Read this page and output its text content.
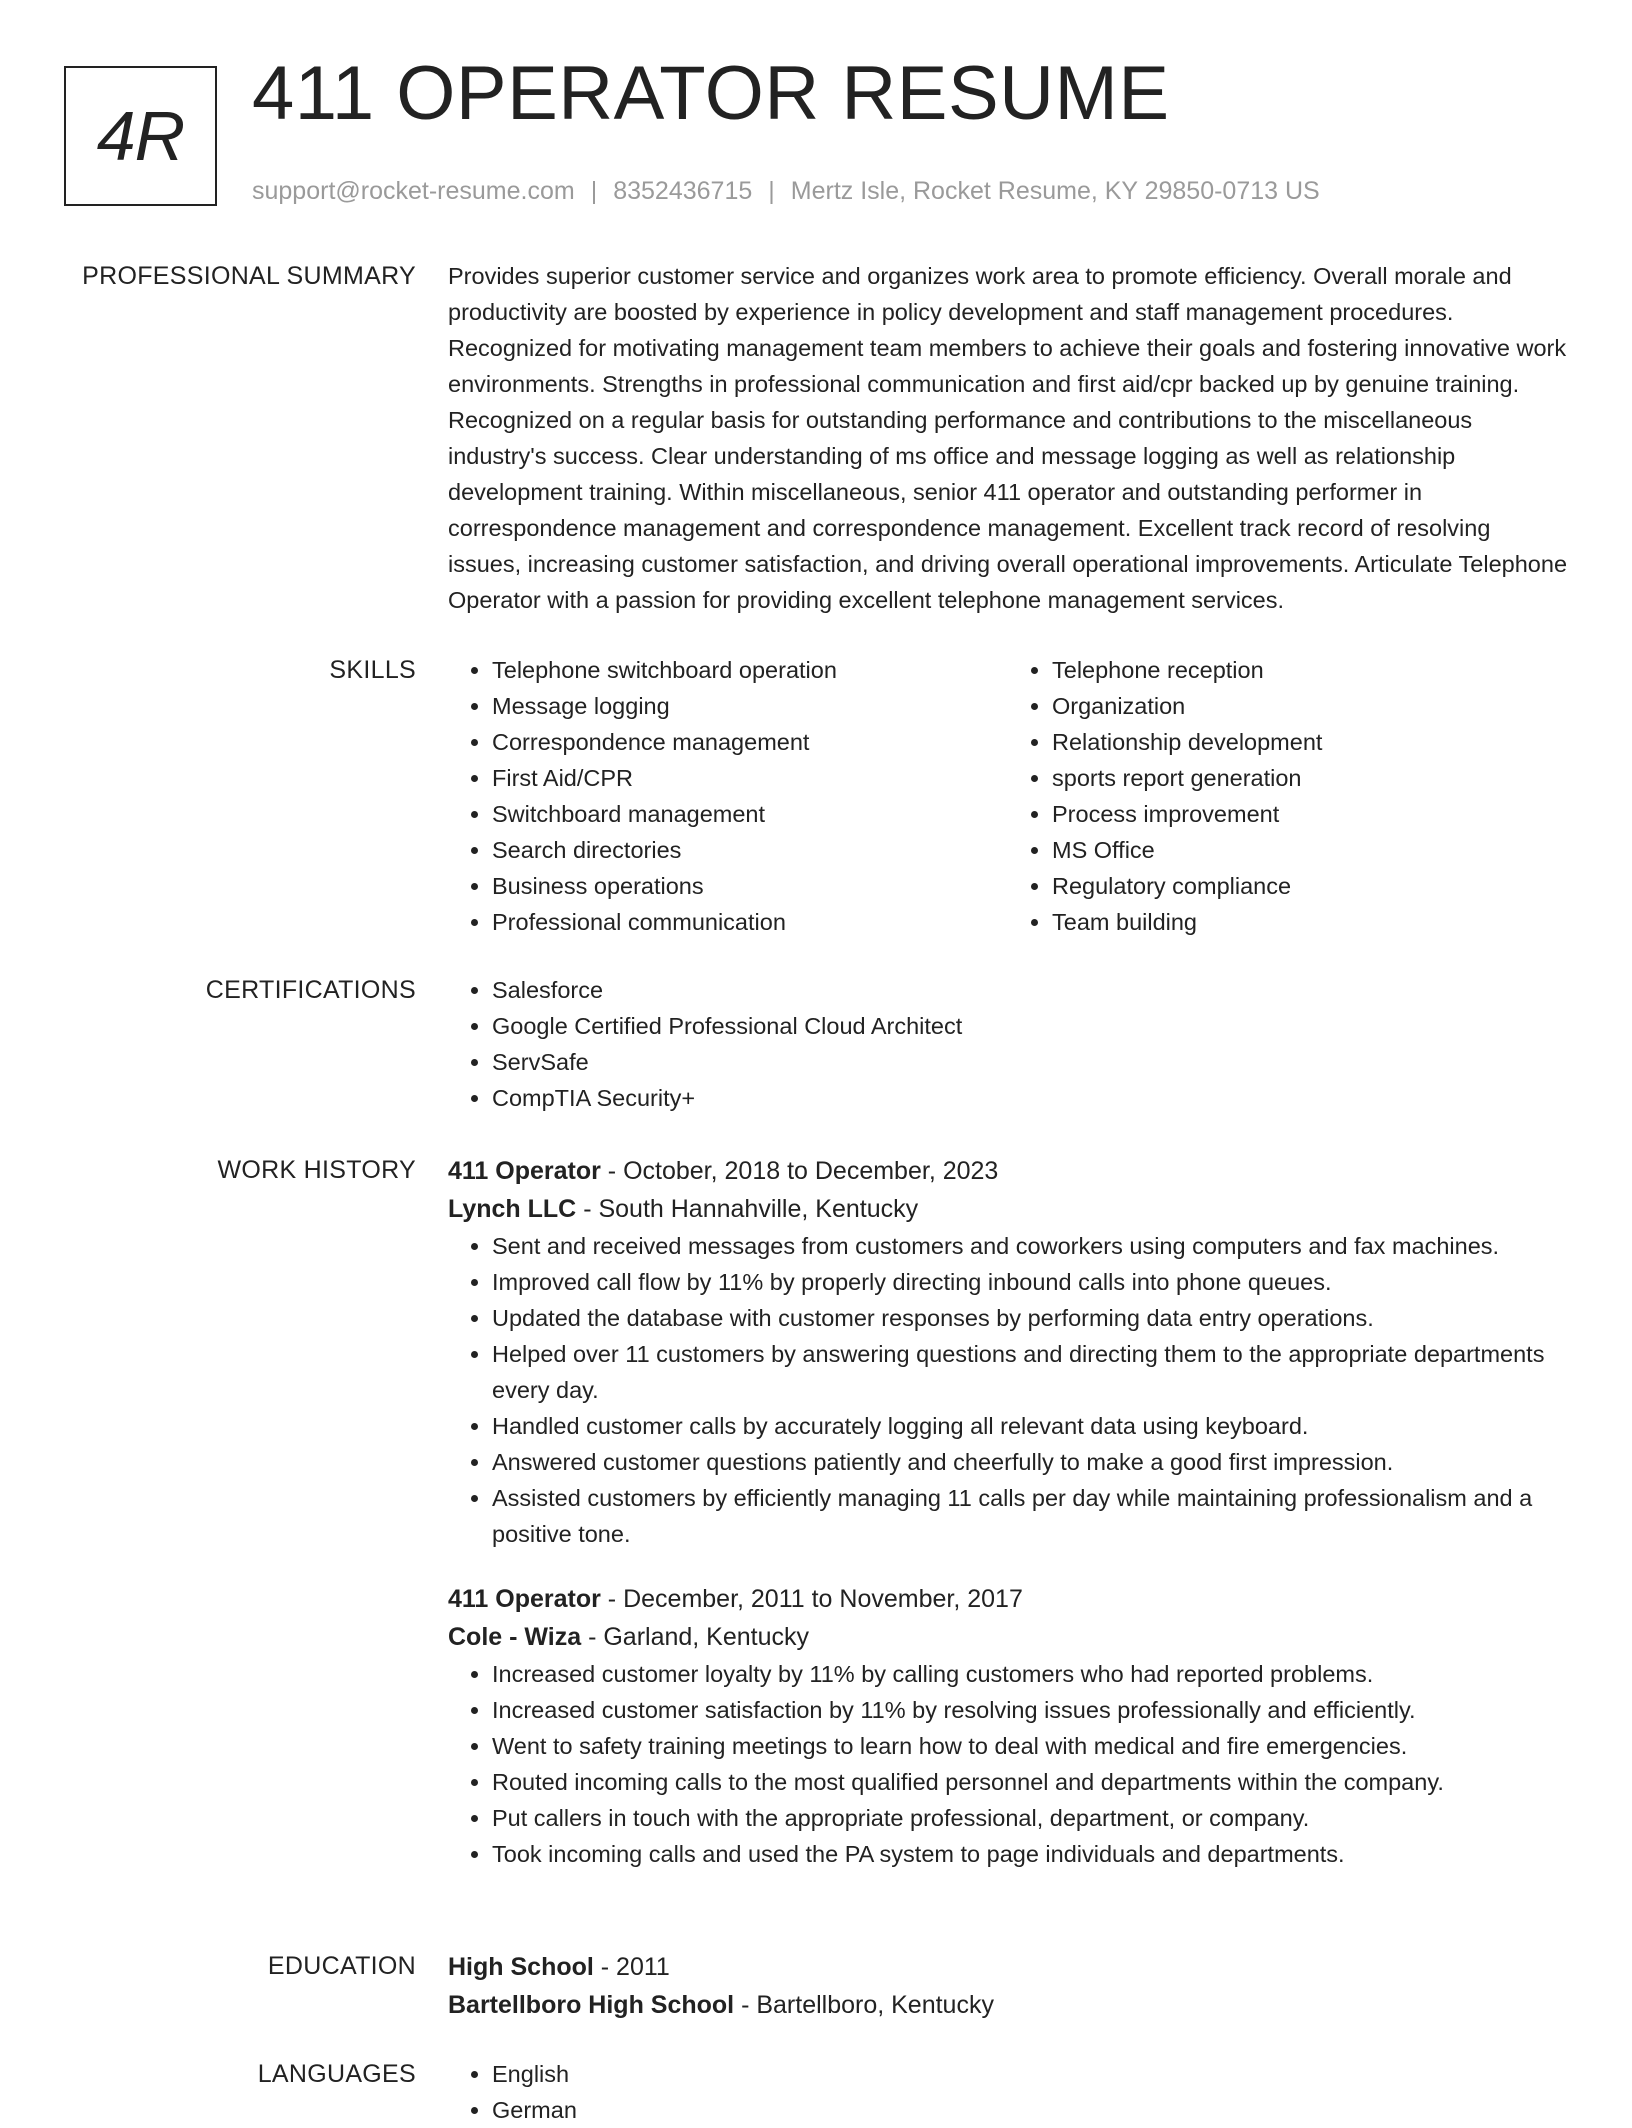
4R 411 OPERATOR RESUME
support@rocket-resume.com | 8352436715 | Mertz Isle, Rocket Resume, KY 29850-0713 US
PROFESSIONAL SUMMARY Provides superior customer service and organizes work area to promote efficiency. Overall morale and productivity are boosted by experience in policy development and staff management procedures. Recognized for motivating management team members to achieve their goals and fostering innovative work environments. Strengths in professional communication and first aid/cpr backed up by genuine training. Recognized on a regular basis for outstanding performance and contributions to the miscellaneous industry's success. Clear understanding of ms office and message logging as well as relationship development training. Within miscellaneous, senior 411 operator and outstanding performer in correspondence management and correspondence management. Excellent track record of resolving issues, increasing customer satisfaction, and driving overall operational improvements. Articulate Telephone Operator with a passion for providing excellent telephone management services.

SKILLS	• Telephone switchboard operation
• Message logging
• Correspondence management
• First Aid/CPR
• Switchboard management
• Search directories
• Business operations
• Professional communication
• Telephone reception
• Organization
• Relationship development
• sports report generation
• Process improvement
• MS Office
• Regulatory compliance
• Team building
CERTIFICATIONS	• Salesforce
• Google Certified Professional Cloud Architect
• ServSafe
• CompTIA Security+
WORK HISTORY 411 Operator - October, 2018 to December, 2023
Lynch LLC - South Hannahville, Kentucky
• Sent and received messages from customers and coworkers using computers and fax machines.
• Improved call flow by 11% by properly directing inbound calls into phone queues.
• Updated the database with customer responses by performing data entry operations.
• Helped over 11 customers by answering questions and directing them to the appropriate departments every day.
• Handled customer calls by accurately logging all relevant data using keyboard.
• Answered customer questions patiently and cheerfully to make a good first impression.
• Assisted customers by efficiently managing 11 calls per day while maintaining professionalism and a positive tone.
411 Operator - December, 2011 to November, 2017
Cole - Wiza - Garland, Kentucky
• Increased customer loyalty by 11% by calling customers who had reported problems.
• Increased customer satisfaction by 11% by resolving issues professionally and efficiently.
• Went to safety training meetings to learn how to deal with medical and fire emergencies.
• Routed incoming calls to the most qualified personnel and departments within the company.
• Put callers in touch with the appropriate professional, department, or company.
• Took incoming calls and used the PA system to page individuals and departments.
EDUCATION High School - 2011
Bartellboro High School - Bartellboro, Kentucky
LANGUAGES	• English
• German
